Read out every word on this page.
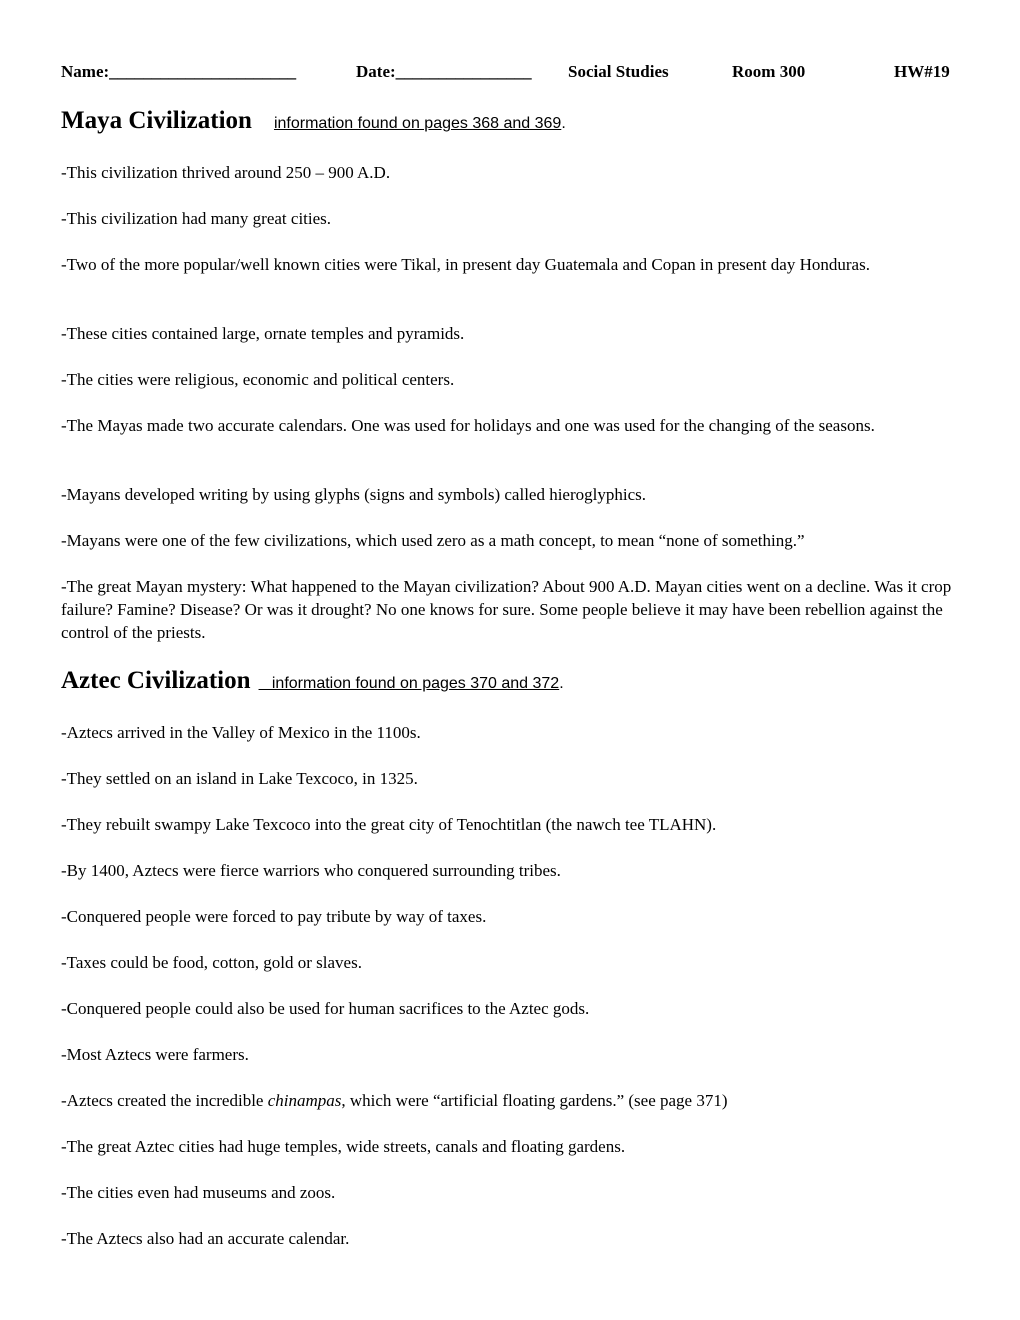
Name:______________________	Date:________________ Social Studies	Room 300	HW#19
Maya Civilization information found on pages 368 and 369.

-This civilization thrived around 250 – 900 A.D.

-This civilization had many great cities.

-Two of the more popular/well known cities were Tikal, in present day Guatemala and Copan in present day Honduras.

-These cities contained large, ornate temples and pyramids.

-The cities were religious, economic and political centers.

-The Mayas made two accurate calendars. One was used for holidays and one was used for the changing of the seasons.

-Mayans developed writing by using glyphs (signs and symbols) called hieroglyphics.

-Mayans were one of the few civilizations, which used zero as a math concept, to mean “none of something.”

-The great Mayan mystery: What happened to the Mayan civilization? About 900 A.D. Mayan cities went on a decline. Was it crop failure? Famine? Disease? Or was it drought? No one knows for sure. Some people believe it may have been rebellion against the control of the priests.

Aztec Civilization    information found on pages 370 and 372.

-Aztecs arrived in the Valley of Mexico in the 1100s.

-They settled on an island in Lake Texcoco, in 1325.

-They rebuilt swampy Lake Texcoco into the great city of Tenochtitlan (the nawch tee TLAHN).

-By 1400, Aztecs were fierce warriors who conquered surrounding tribes.

-Conquered people were forced to pay tribute by way of taxes.

-Taxes could be food, cotton, gold or slaves.

-Conquered people could also be used for human sacrifices to the Aztec gods.

-Most Aztecs were farmers.

-Aztecs created the incredible chinampas, which were “artificial floating gardens.” (see page 371)

-The great Aztec cities had huge temples, wide streets, canals and floating gardens.

-The cities even had museums and zoos.

-The Aztecs also had an accurate calendar.
